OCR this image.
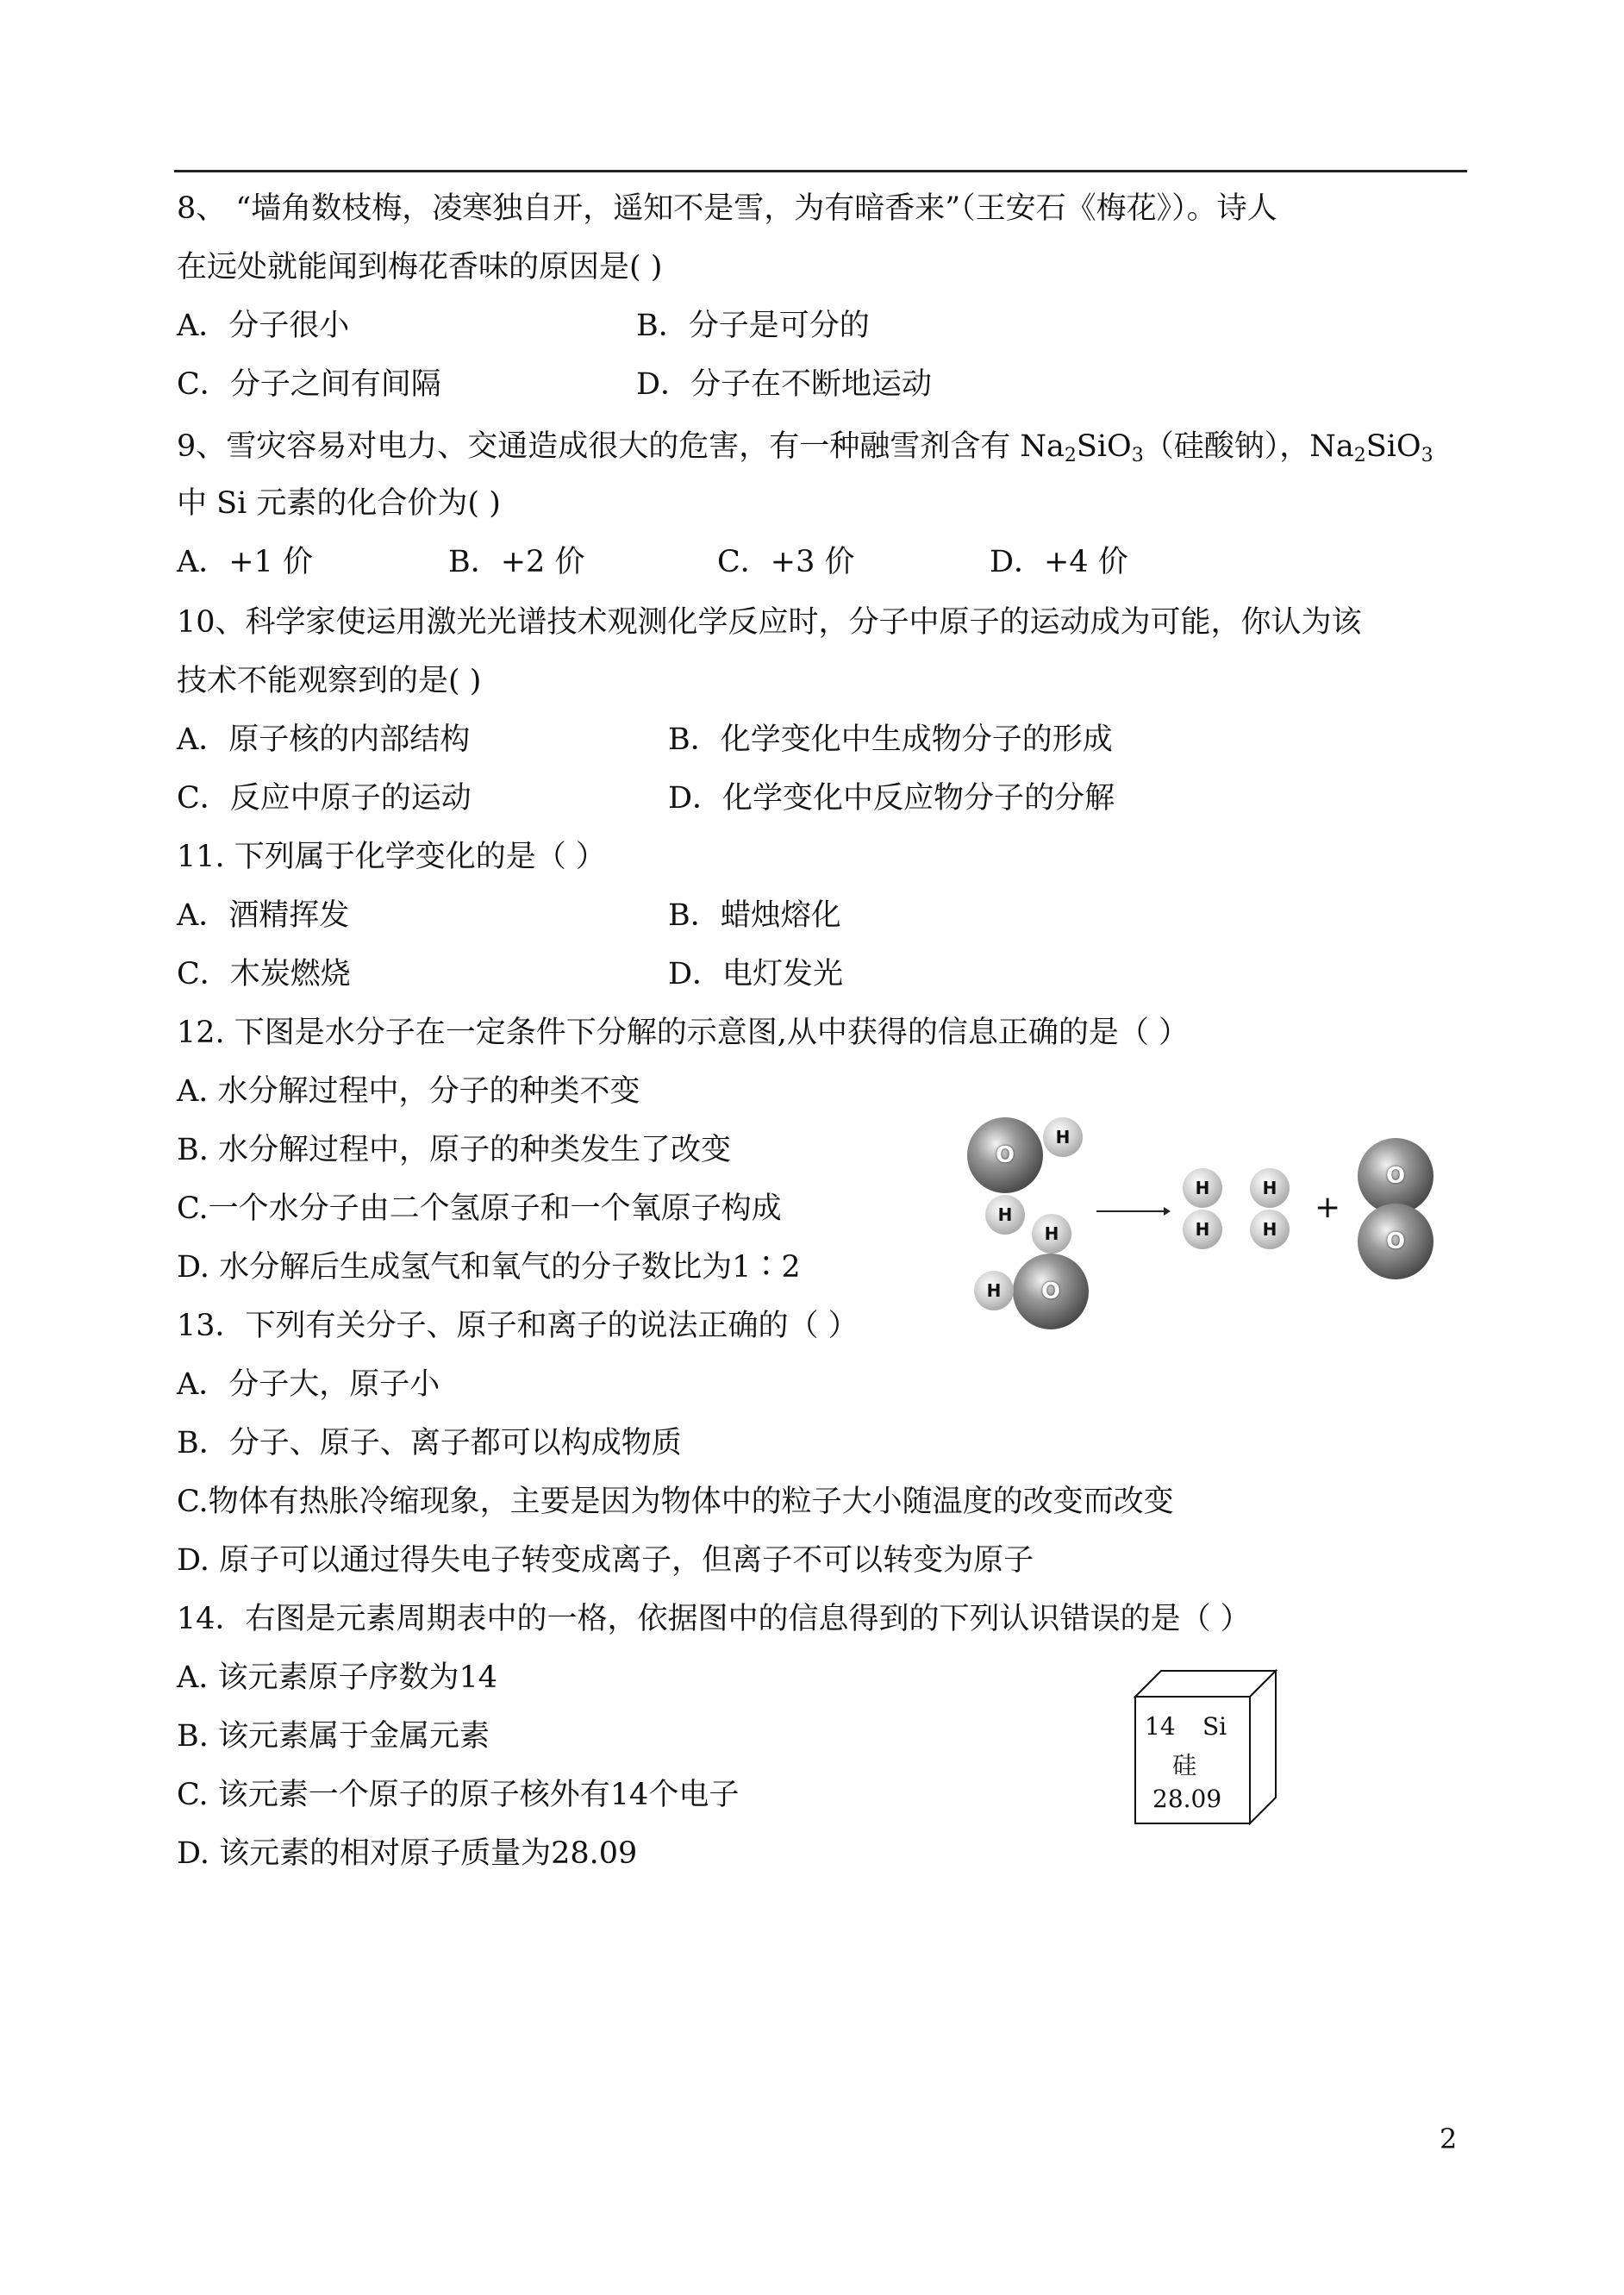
8、 “墙角数枝梅，凌寒独自开，遥知不是雪，为有暗香来”（王安石《梅花》）。诗人
在远处就能闻到梅花香味的原因是( )
A．分子很小	B．分子是可分的
C．分子之间有间隔	D．分子在不断地运动
9、雪灾容易对电力、交通造成很大的危害，有一种融雪剂含有 $Na_2SiO_3$（硅酸钠），$Na_2SiO_3$
中 Si 元素的化合价为( )
A．+1 价	B．+2 价	C．+3 价	D．+4 价
10、科学家使运用激光光谱技术观测化学反应时，分子中原子的运动成为可能，你认为该
技术不能观察到的是( )
A．原子核的内部结构	B．化学变化中生成物分子的形成
C．反应中原子的运动	D．化学变化中反应物分子的分解
11. 下列属于化学变化的是（ ）
A．酒精挥发	B．蜡烛熔化
C．木炭燃烧	D．电灯发光
12. 下图是水分子在一定条件下分解的示意图,从中获得的信息正确的是（ ）
A. 水分解过程中，分子的种类不变
B. 水分解过程中，原子的种类发生了改变
C.一个水分子由二个氢原子和一个氧原子构成
D. 水分解后生成氢气和氧气的分子数比为1∶2
O
H
H
H
O
H
H
H
H
H
+
O
O
13．下列有关分子、原子和离子的说法正确的（ ）
A．分子大，原子小
B．分子、原子、离子都可以构成物质
C.物体有热胀冷缩现象，主要是因为物体中的粒子大小随温度的改变而改变
D. 原子可以通过得失电子转变成离子，但离子不可以转变为原子
14．右图是元素周期表中的一格，依据图中的信息得到的下列认识错误的是（ ）
A. 该元素原子序数为14
B. 该元素属于金属元素
C. 该元素一个原子的原子核外有14个电子
D. 该元素的相对原子质量为28.09
14 Si
硅
28.09
2
